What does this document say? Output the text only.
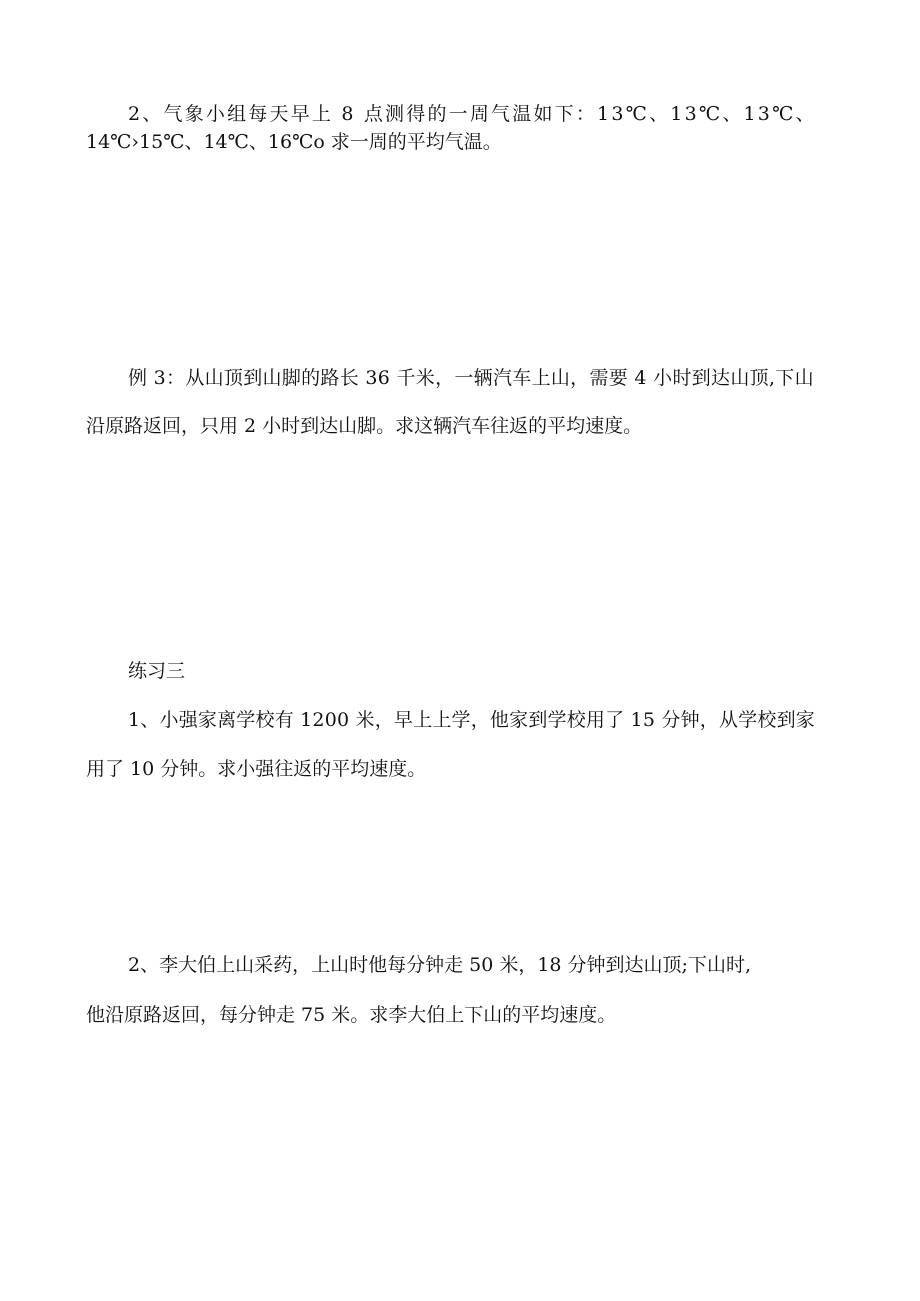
2、气象小组每天早上 8 点测得的一周气温如下：13℃、13℃、13℃、
14℃›15℃、14℃、16℃o 求一周的平均气温。
例 3：从山顶到山脚的路长 36 千米，一辆汽车上山，需要 4 小时到达山顶,下山
沿原路返回，只用 2 小时到达山脚。求这辆汽车往返的平均速度。
练习三
1、小强家离学校有 1200 米，早上上学，他家到学校用了 15 分钟，从学校到家
用了 10 分钟。求小强往返的平均速度。
2、李大伯上山采药，上山时他每分钟走 50 米，18 分钟到达山顶;下山时,
他沿原路返回，每分钟走 75 米。求李大伯上下山的平均速度。
